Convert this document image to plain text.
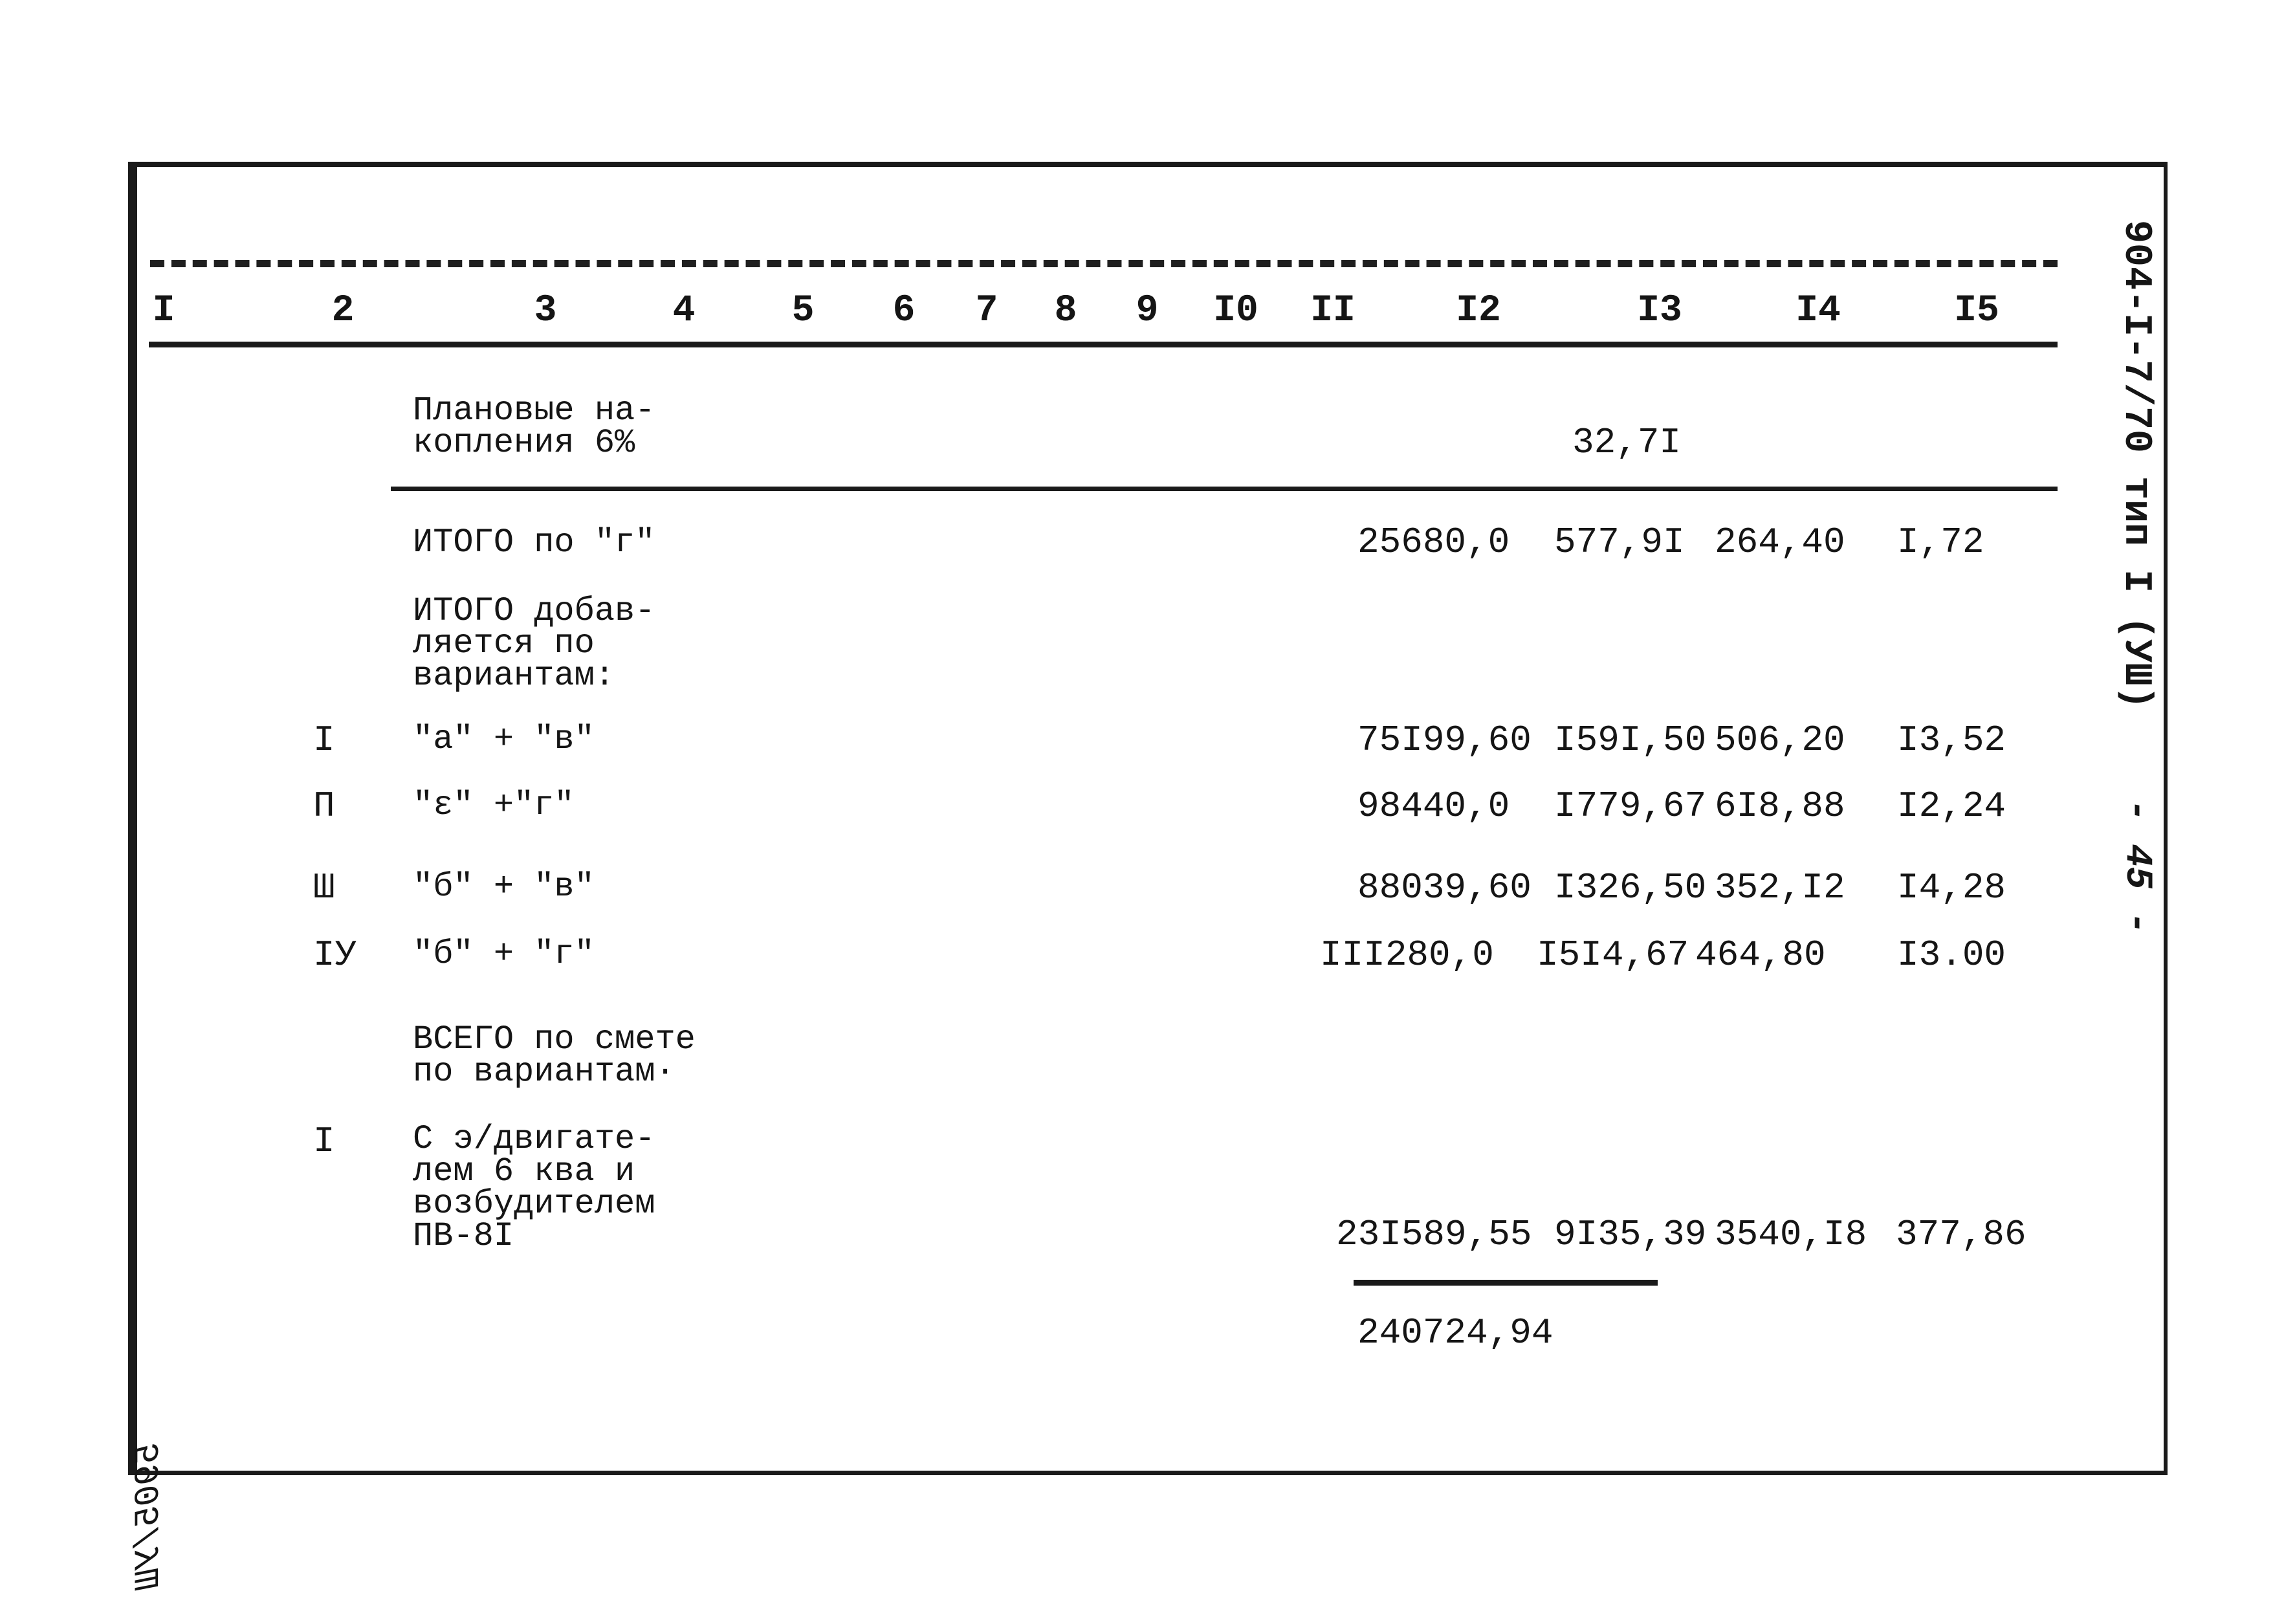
I	2	3	4	5 6 7 8 9 I0 II	I2	I3	I4	I5
Плановые на-
копления 6%	32,7I
ИТОГО по "г"	25680,0 577,9I 264,40 I,72
ИТОГО добав-
ляется по
вариантам:
I "а" + "в"	75I99,60 I59I,50 506,20 I3,52
П "ε" +"г"	98440,0 I779,67 6I8,88 I2,24
Ш "б" + "в"	88039,60 I326,50 352,I2 I4,28
IУ "б" + "г"	III280,0 I5I4,67 464,80 I3.00
ВСЕГО по смете
по вариантам·
I С э/двигате-
лем 6 ква и
возбудителем
ПВ-8I	23I589,55 9I35,39 3540,I8 377,86
240724,94
904-I-7/70 тип I (УШ)
- 45 -
5905/УШ
